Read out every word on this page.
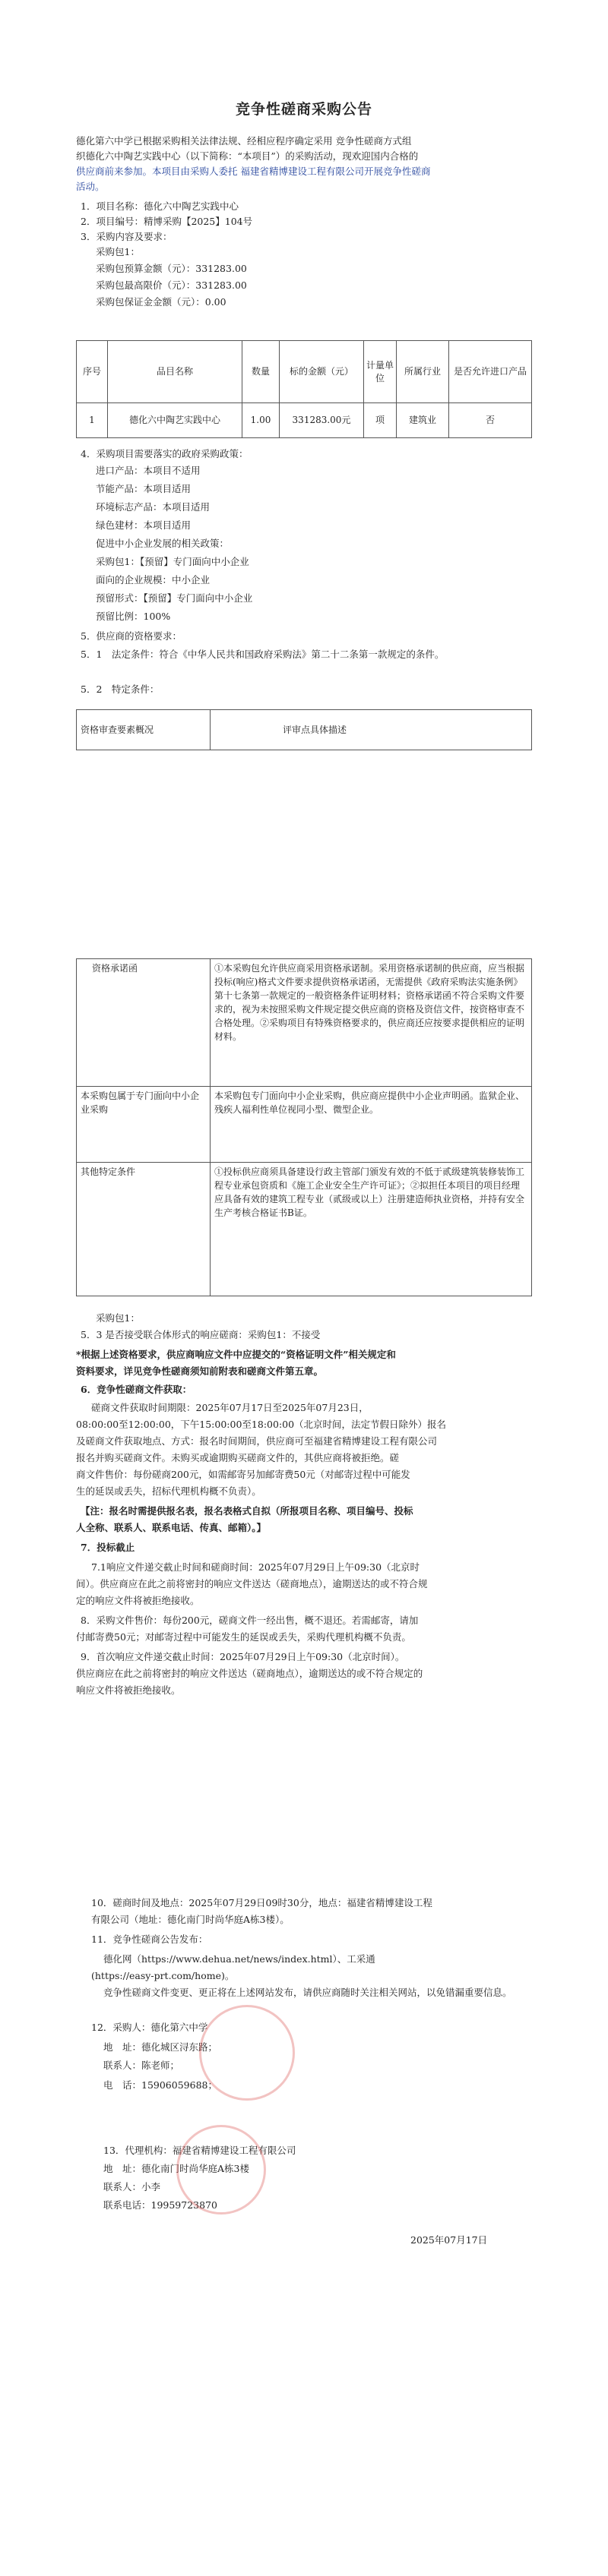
竞争性磋商采购公告
德化第六中学已根据采购相关法律法规、经相应程序确定采用 竞争性磋商方式组
织德化六中陶艺实践中心（以下简称：“本项目”）的采购活动，现欢迎国内合格的
供应商前来参加。本项目由采购人委托 福建省精博建设工程有限公司开展竞争性磋商
活动。
1．项目名称：德化六中陶艺实践中心
2．项目编号：精博采购【2025】104号
3．采购内容及要求：
采购包1：
采购包预算金额（元）：331283.00
采购包最高限价（元）：331283.00
采购包保证金金额（元）：0.00
序号	品目名称	数量	标的金额（元）	计量单位	所属行业	是否允许进口产品
1	德化六中陶艺实践中心	1.00	331283.00元	项	建筑业	否
4．采购项目需要落实的政府采购政策：
进口产品：本项目不适用
节能产品：本项目适用
环境标志产品：本项目适用
绿色建材：本项目适用
促进中小企业发展的相关政策：
采购包1：【预留】专门面向中小企业
面向的企业规模：中小企业
预留形式：【预留】专门面向中小企业
预留比例：100%
5．供应商的资格要求：
5．1　法定条件：符合《中华人民共和国政府采购法》第二十二条第一款规定的条件。
5．2　特定条件：
资格审查要素概况	评审点具体描述
资格承诺函	①本采购包允许供应商采用资格承诺制。采用资格承诺制的供应商，应当根据投标(响应)格式文件要求提供资格承诺函，无需提供《政府采购法实施条例》第十七条第一款规定的一般资格条件证明材料；资格承诺函不符合采购文件要求的，视为未按照采购文件规定提交供应商的资格及资信文件，按资格审查不合格处理。②采购项目有特殊资格要求的，供应商还应按要求提供相应的证明材料。
本采购包属于专门面向中小企业采购	本采购包专门面向中小企业采购，供应商应提供中小企业声明函。监狱企业、残疾人福利性单位视同小型、微型企业。
其他特定条件	①投标供应商须具备建设行政主管部门颁发有效的不低于贰级建筑装修装饰工程专业承包资质和《施工企业安全生产许可证》；②拟担任本项目的项目经理应具备有效的建筑工程专业（贰级或以上）注册建造师执业资格，并持有安全生产考核合格证书B证。
采购包1：
5．3 是否接受联合体形式的响应磋商：采购包1：不接受
*根据上述资格要求，供应商响应文件中应提交的“资格证明文件”相关规定和
资料要求，详见竞争性磋商须知前附表和磋商文件第五章。
6．竞争性磋商文件获取：
磋商文件获取时间期限：2025年07月17日至2025年07月23日，
08:00:00至12:00:00，下午15:00:00至18:00:00（北京时间，法定节假日除外）报名
及磋商文件获取地点、方式：报名时间期间，供应商可至福建省精博建设工程有限公司
报名并购买磋商文件。未购买或逾期购买磋商文件的，其供应商将被拒绝。磋
商文件售价：每份磋商200元，如需邮寄另加邮寄费50元（对邮寄过程中可能发
生的延误或丢失，招标代理机构概不负责）。
【注：报名时需提供报名表，报名表格式自拟（所报项目名称、项目编号、投标
人全称、联系人、联系电话、传真、邮箱）。】
7．投标截止
7.1响应文件递交截止时间和磋商时间：2025年07月29日上午09:30（北京时
间）。供应商应在此之前将密封的响应文件送达（磋商地点），逾期送达的或不符合规
定的响应文件将被拒绝接收。
8．采购文件售价：每份200元，磋商文件一经出售，概不退还。若需邮寄，请加
付邮寄费50元；对邮寄过程中可能发生的延误或丢失，采购代理机构概不负责。
9．首次响应文件递交截止时间：2025年07月29日上午09:30（北京时间）。
供应商应在此之前将密封的响应文件送达（磋商地点），逾期送达的或不符合规定的
响应文件将被拒绝接收。
10．磋商时间及地点：2025年07月29日09时30分，地点：福建省精博建设工程
有限公司（地址：德化南门时尚华庭A栋3楼）。
11．竞争性磋商公告发布：
德化网（https://www.dehua.net/news/index.html）、工采通
(https://easy-prt.com/home)。
竞争性磋商文件变更、更正将在上述网站发布，请供应商随时关注相关网站，以免错漏重要信息。
12．采购人：德化第六中学
地　址：德化城区浔东路；
联系人：陈老师；
电　话：15906059688；
13．代理机构：福建省精博建设工程有限公司
地　址：德化南门时尚华庭A栋3楼
联系人：小李
联系电话：19959723870
2025年07月17日
